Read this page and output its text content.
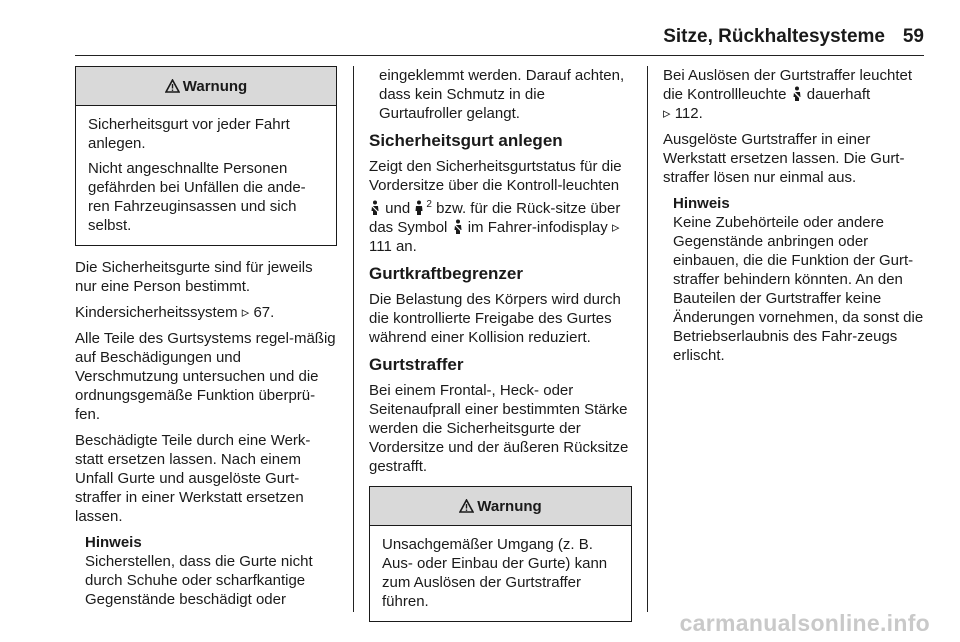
Sitze, Rückhaltesysteme 59
Warnung

Sicherheitsgurt vor jeder Fahrt anlegen.

Nicht angeschnallte Personen gefährden bei Unfällen die ande-ren Fahrzeuginsassen und sich selbst.

Die Sicherheitsgurte sind für jeweils nur eine Person bestimmt.

Kindersicherheitssystem ▹ 67.

Alle Teile des Gurtsystems regel-mäßig auf Beschädigungen und Verschmutzung untersuchen und die ordnungsgemäße Funktion überprü-fen.

Beschädigte Teile durch eine Werk-statt ersetzen lassen. Nach einem Unfall Gurte und ausgelöste Gurt-straffer in einer Werkstatt ersetzen lassen.

Hinweis
Sicherstellen, dass die Gurte nicht durch Schuhe oder scharfkantige Gegenstände beschädigt oder

eingeklemmt werden. Darauf achten, dass kein Schmutz in die Gurtaufroller gelangt.

Sicherheitsgurt anlegen

Zeigt den Sicherheitsgurtstatus für die Vordersitze über die Kontroll-leuchten  und $^2$ bzw. für die Rück-sitze über das Symbol im Fahrer-infodisplay ▹ 111 an.

Gurtkraftbegrenzer

Die Belastung des Körpers wird durch die kontrollierte Freigabe des Gurtes während einer Kollision reduziert.

Gurtstraffer

Bei einem Frontal-, Heck- oder Seitenaufprall einer bestimmten Stärke werden die Sicherheitsgurte der Vordersitze und der äußeren Rücksitze gestrafft.

Warnung

Unsachgemäßer Umgang (z. B. Aus- oder Einbau der Gurte) kann zum Auslösen der Gurtstraffer führen.

Bei Auslösen der Gurtstraffer leuchtet die Kontrollleuchte dauerhaft
▹ 112.

Ausgelöste Gurtstraffer in einer Werkstatt ersetzen lassen. Die Gurt-straffer lösen nur einmal aus.

Hinweis
Keine Zubehörteile oder andere Gegenstände anbringen oder einbauen, die die Funktion der Gurt-straffer behindern könnten. An den Bauteilen der Gurtstraffer keine Änderungen vornehmen, da sonst die Betriebserlaubnis des Fahr-zeugs erlischt.
carmanualsonline.info
